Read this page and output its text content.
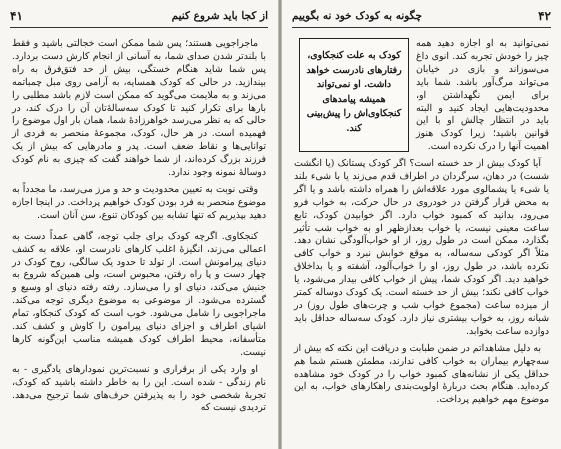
۴۱	از کجا باید شروع کنیم

ماجراجویی هستند؛ پس شما ممکن است خجالتی باشید و فقط با بلندتر شدن صدای شما، به آسانی از انجام کارش دست بردارد. پس شما شاید هنگام خستگی، بیش از حد فتق‌فرق به راه بیندازید. در حالی که کودک همسایه، به آرامی روی مبل چمباتمه می‌زند و به ملایمت می‌گوید که ممکن است لازم باشد مطلبی را بارها برای تکرار کنید تا کودک سه‌سالهٔ‌تان آن را درک کند، در حالی که به نظر می‌رسد خواهرزادهٔ شما، همان بار اول موضوع را فهمیده است. در هر حال، کودک، مجموعهٔ منحصر به فردی از توانایی‌ها و نقاط ضعف است. پدر و مادرهایی که بیش از یک فرزند بزرگ کرده‌اند، از شما خواهند گفت که چیزی به نام کودک دوسالهٔ نمونه وجود ندارد.

وقتی نوبت به تعیین محدودیت و حد و مرز می‌رسد، ما مجدداً به موضوع منحصر به فرد بودن کودک خواهیم پرداخت. در اینجا اجازه دهید بپذیریم که تنها تشابه بین کودکان تنوع، سن آنان است.

کنجکاوی. اگرچه کودک برای جلب توجه، گاهی عمداً دست به اعمالی می‌زند، انگیزهٔ اغلب کارهای نادرست او، علاقه به کشف دنیای پیرامونش است. از تولد تا حدود یک سالگی، روح کودک در چهار دست و پا راه رفتن، محبوس است، ولی همین‌که شروع به جنبش می‌کند، دنیای او را می‌سازد. رفته رفته دنیای او وسیع و گسترده می‌شود. از موضوعی به موضوع دیگری توجه می‌کند. ماجراجویی را شامل می‌شود. خوب است که کودک کنجکاو، تمام اشیای اطراف و اجزای دنیای پیرامون را کاوش و کشف کند. متأسفانه، محیط اطراف کودک همیشه مناسب این‌گونه کارها نیست.

او وارد یکی از برقراری و نسبت‌ترین نمودارهای یادگیری - به نام زندگی - شده است. این را به خاطر داشته باشید که کودک، تجربهٔ شخصی خود را به پذیرفتن حرف‌های شما ترجیح می‌دهد. تردیدی نیست که

چگونه به کودک خود نه بگوییم	۴۲
کودک به علت کنجکاوی، رفتارهای نادرست خواهد داشت. او نمی‌تواند همیشه پیامدهای کنجکاوی‌اش را پیش‌بینی کند.

نمی‌توانید به او اجازه دهید همه چیز را خودش تجربه کند. انوی داغ می‌سوزاند و بازی در خیابان می‌تواند مرگ‌آور باشد. شما باید برای ایمن نگهداشتن او، محدودیت‌هایی ایجاد کنید و البته باید در انتظار چالش او با این قوانین باشید؛ زیرا کودک هنوز اهمیت آنها را درک نکرده است.

آیا کودک بیش از حد خسته است؟ اگر کودک پستانک (یا انگشت شست) در دهان، سرگردان در اطراف قدم می‌زند یا با شیء بلند یا شیء یا پشمالوی مورد علاقه‌اش را همراه داشته باشد و یا اگر به محض قرار گرفتن در خودروی در حال حرکت، به خواب فرو می‌رود، بدانید که کمبود خواب دارد. اگر خوابیدن کودک، تابع ساعت معینی نیست، یا خواب بعدازظهر او به خواب شب تأثیر بگذارد، ممکن است در طول روز، از او خواب‌آلودگی نشان دهد. مثلاً اگر کودکی سه‌ساله، به موقع خوابش نبرد و خواب کافی نکرده باشد، در طول روز، او را خواب‌آلود، آشفته و یا بداخلاق خواهید دید. اگر کودک شما، پیش از خواب کافی بیدار می‌شود، یا خواب کافی نکند؛ بیش از حد خسته است. یک کودک دوساله کمتر از میزده ساعت (مجموع خواب شب و چرت‌های طول روز) در شبانه روز، به خواب بیشتری نیاز دارد. کودک سه‌ساله حداقل باید دوازده ساعت بخوابد.

به دلیل مشاهداتم در ضمن طبابت و دریافت این نکته که بیش از سه‌چهارم بیماران به خواب کافی ندارند، مطمئن هستم شما هم حداقل یکی از نشانه‌های کمبود خواب را در کودک خود مشاهده کرده‌اید. هنگام بحث دربارهٔ اولویت‌بندی راهکارهای خواب، به این موضوع مهم خواهیم پرداخت.
